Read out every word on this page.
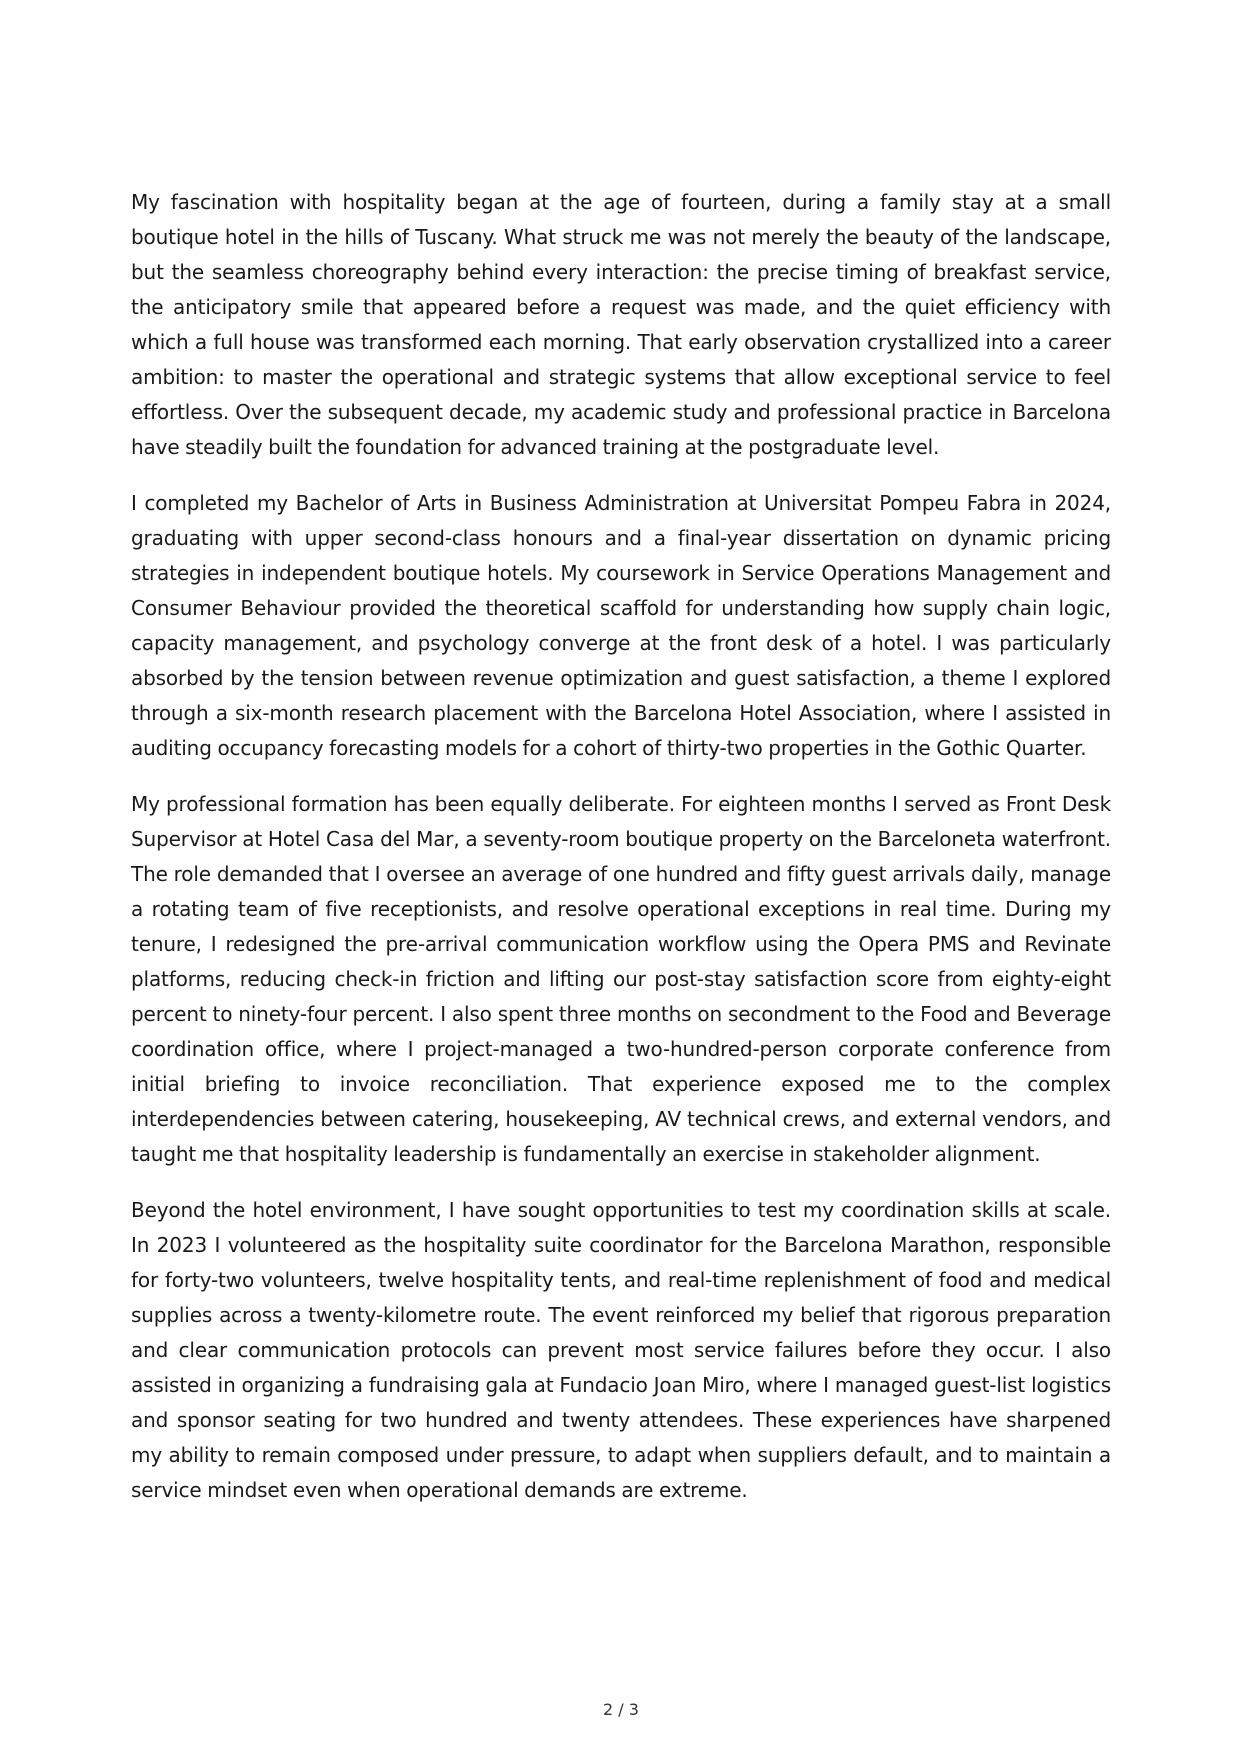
My fascination with hospitality began at the age of fourteen, during a family stay at a small boutique hotel in the hills of Tuscany. What struck me was not merely the beauty of the landscape, but the seamless choreography behind every interaction: the precise timing of breakfast service, the anticipatory smile that appeared before a request was made, and the quiet efficiency with which a full house was transformed each morning. That early observation crystallized into a career ambition: to master the operational and strategic systems that allow exceptional service to feel effortless. Over the subsequent decade, my academic study and professional practice in Barcelona have steadily built the foundation for advanced training at the postgraduate level.

I completed my Bachelor of Arts in Business Administration at Universitat Pompeu Fabra in 2024, graduating with upper second-class honours and a final-year dissertation on dynamic pricing strategies in independent boutique hotels. My coursework in Service Operations Management and Consumer Behaviour provided the theoretical scaffold for understanding how supply chain logic, capacity management, and psychology converge at the front desk of a hotel. I was particularly absorbed by the tension between revenue optimization and guest satisfaction, a theme I explored through a six-month research placement with the Barcelona Hotel Association, where I assisted in auditing occupancy forecasting models for a cohort of thirty-two properties in the Gothic Quarter.

My professional formation has been equally deliberate. For eighteen months I served as Front Desk Supervisor at Hotel Casa del Mar, a seventy-room boutique property on the Barceloneta waterfront. The role demanded that I oversee an average of one hundred and fifty guest arrivals daily, manage a rotating team of five receptionists, and resolve operational exceptions in real time. During my tenure, I redesigned the pre-arrival communication workflow using the Opera PMS and Revinate platforms, reducing check-in friction and lifting our post-stay satisfaction score from eighty-eight percent to ninety-four percent. I also spent three months on secondment to the Food and Beverage coordination office, where I project-managed a two-hundred-person corporate conference from initial briefing to invoice reconciliation. That experience exposed me to the complex interdependencies between catering, housekeeping, AV technical crews, and external vendors, and taught me that hospitality leadership is fundamentally an exercise in stakeholder alignment.

Beyond the hotel environment, I have sought opportunities to test my coordination skills at scale. In 2023 I volunteered as the hospitality suite coordinator for the Barcelona Marathon, responsible for forty-two volunteers, twelve hospitality tents, and real-time replenishment of food and medical supplies across a twenty-kilometre route. The event reinforced my belief that rigorous preparation and clear communication protocols can prevent most service failures before they occur. I also assisted in organizing a fundraising gala at Fundacio Joan Miro, where I managed guest-list logistics and sponsor seating for two hundred and twenty attendees. These experiences have sharpened my ability to remain composed under pressure, to adapt when suppliers default, and to maintain a service mindset even when operational demands are extreme.

2 / 3
